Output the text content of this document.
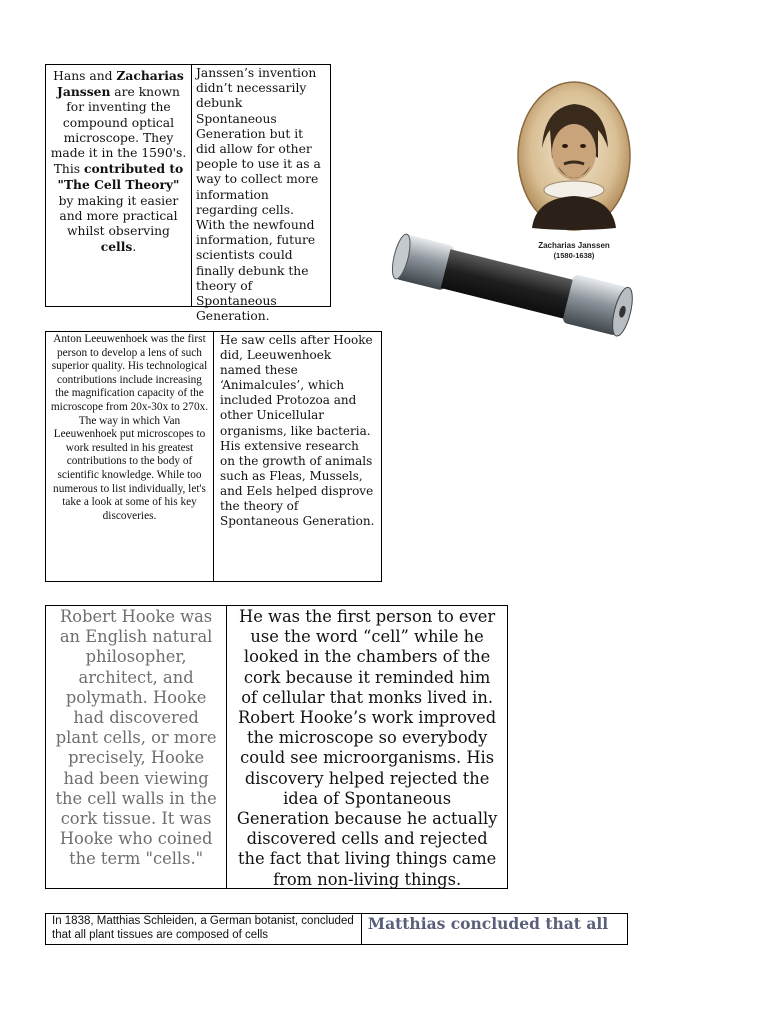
Hans and Zacharias Janssen are known for inventing the compound optical microscope. They made it in the 1590's. This contributed to "The Cell Theory" by making it easier and more practical whilst observing cells.

Janssen’s invention didn’t necessarily debunk Spontaneous Generation but it did allow for other people to use it as a way to collect more information regarding cells. With the newfound information, future scientists could finally debunk the theory of Spontaneous Generation.

Zacharias Janssen
(1580-1638)

Anton Leeuwenhoek was the first person to develop a lens of such superior quality. His technological contributions include increasing the magnification capacity of the microscope from 20x-30x to 270x. The way in which Van Leeuwenhoek put microscopes to work resulted in his greatest contributions to the body of scientific knowledge. While too numerous to list individually, let's take a look at some of his key discoveries.

He saw cells after Hooke did, Leeuwenhoek named these ‘Animalcules’, which included Protozoa and other Unicellular organisms, like bacteria. His extensive research on the growth of animals such as Fleas, Mussels, and Eels helped disprove the theory of Spontaneous Generation.

Robert Hooke was an English natural philosopher, architect, and polymath. Hooke had discovered plant cells, or more precisely, Hooke had been viewing the cell walls in the cork tissue. It was Hooke who coined the term "cells."

He was the first person to ever use the word “cell” while he looked in the chambers of the cork because it reminded him of cellular that monks lived in. Robert Hooke’s work improved the microscope so everybody could see microorganisms. His discovery helped rejected the idea of Spontaneous Generation because he actually discovered cells and rejected the fact that living things came from non-living things.

In 1838, Matthias Schleiden, a German botanist, concluded that all plant tissues are composed of cells

Matthias concluded that all
